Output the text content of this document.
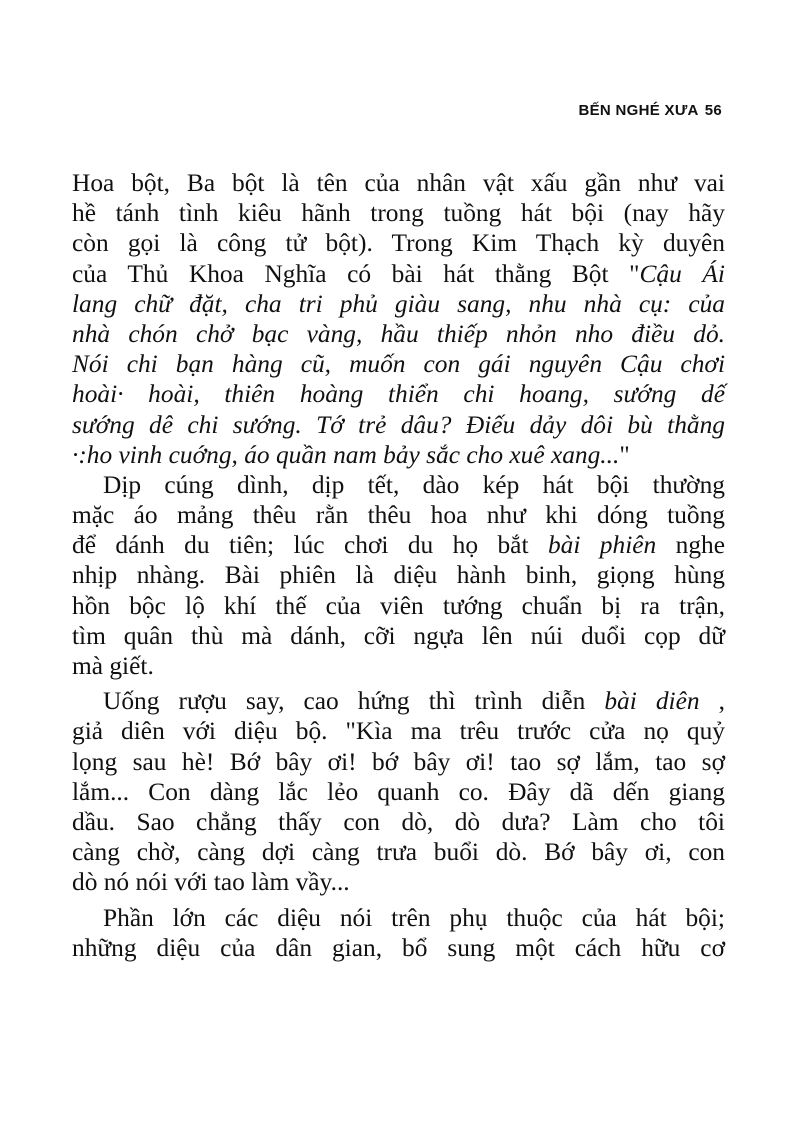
BẾN NGHÉ XƯA 56
Hoa bột, Ba bột là tên của nhân vật xấu gần như vai
hề tánh tình kiêu hãnh trong tuồng hát bội (nay hãy
còn gọi là công tử bột). Trong Kim Thạch kỳ duyên
của Thủ Khoa Nghĩa có bài hát thằng Bột "Cậu Ái
lang chữ đặt, cha tri phủ giàu sang, nhu nhà cụ: của
nhà chón chở bạc vàng, hầu thiếp nhỏn nho điều dỏ.
Nói chi bạn hàng cũ, muốn con gái nguyên Cậu chơi
hoài· hoài, thiên hoàng thiển chi hoang, sướng dế
sướng dê chi sướng. Tớ trẻ dâu? Điếu dảy dôi bù thằng
·:ho vinh cuớng, áo quần nam bảy sắc cho xuê xang..."
Dịp cúng dình, dịp tết, dào kép hát bội thường
mặc áo mảng thêu rằn thêu hoa như khi dóng tuồng
để dánh du tiên; lúc chơi du họ bắt bài phiên nghe
nhịp nhàng. Bài phiên là diệu hành binh, giọng hùng
hồn bộc lộ khí thế của viên tướng chuẩn bị ra trận,
tìm quân thù mà dánh, cỡi ngựa lên núi duổi cọp dữ
mà giết.
Uống rượu say, cao hứng thì trình diễn bài diên ,
giả diên với diệu bộ. "Kìa ma trêu trước cửa nọ quỷ
lọng sau hè! Bớ bây ơi! bớ bây ơi! tao sợ lắm, tao sợ
lắm... Con dàng lắc lẻo quanh co. Đây dã dến giang
dầu. Sao chẳng thấy con dò, dò dưa? Làm cho tôi
càng chờ, càng dợi càng trưa buổi dò. Bớ bây ơi, con
dò nó nói với tao làm vầy...
Phần lớn các diệu nói trên phụ thuộc của hát bội;
những diệu của dân gian, bổ sung một cách hữu cơ
